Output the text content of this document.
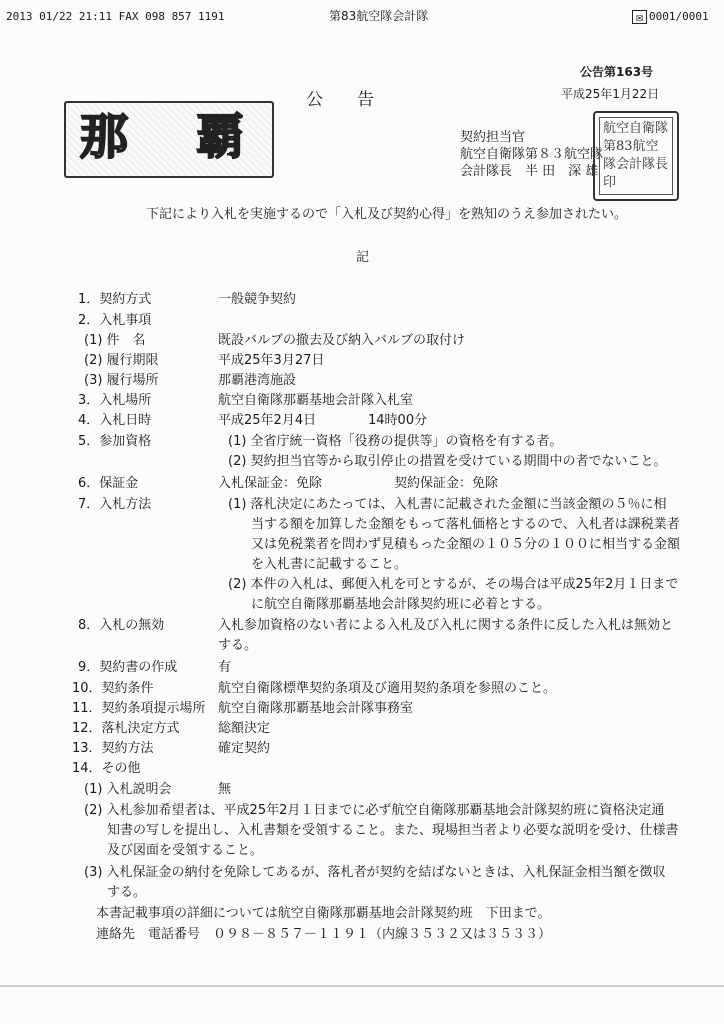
2013 01/22 21:11 FAX 098 857 1191	第83航空隊会計隊	✉ 0001/0001
公告第163号
公　　告	平成25年1月22日
那 覇	契約担当官
航空自衛隊第８３航空隊
会計隊長　半 田　深 雄
航空自衛隊第83航空隊会計隊長印
下記により入札を実施するので「入札及び契約心得」を熟知のうえ参加されたい。
記
1．契約方式	一般競争契約
2．入札事項
(1) 件　名	既設バルブの撤去及び納入バルブの取付け
(2) 履行期限	平成25年3月27日
(3) 履行場所	那覇港湾施設
3．入札場所	航空自衛隊那覇基地会計隊入札室
4．入札日時	平成25年2月4日	14時00分
5．参加資格	(1) 全省庁統一資格「役務の提供等」の資格を有する者。
(2) 契約担当官等から取引停止の措置を受けている期間中の者でないこと。
6．保証金	入札保証金：免除	契約保証金：免除
7．入札方法	(1) 落札決定にあたっては、入札書に記載された金額に当該金額の５％に相
当する額を加算した金額をもって落札価格とするので、入札者は課税業者
又は免税業者を問わず見積もった金額の１０５分の１００に相当する金額
を入札書に記載すること。
(2) 本件の入札は、郵便入札を可とするが、その場合は平成25年2月１日まで
に航空自衛隊那覇基地会計隊契約班に必着とする。
8．入札の無効	入札参加資格のない者による入札及び入札に関する条件に反した入札は無効と
する。
9．契約書の作成	有
10．契約条件	航空自衛隊標準契約条項及び適用契約条項を参照のこと。
11．契約条項提示場所 航空自衛隊那覇基地会計隊事務室
12．落札決定方式	総額決定
13．契約方法	確定契約
14．その他
(1) 入札説明会	無
(2) 入札参加希望者は、平成25年2月１日までに必ず航空自衛隊那覇基地会計隊契約班に資格決定通
知書の写しを提出し、入札書類を受領すること。また、現場担当者より必要な説明を受け、仕様書
及び図面を受領すること。
(3) 入札保証金の納付を免除してあるが、落札者が契約を結ばないときは、入札保証金相当額を徴収
する。
本書記載事項の詳細については航空自衛隊那覇基地会計隊契約班　下田まで。
連絡先　電話番号　０９８－８５７－１１９１（内線３５３２又は３５３３）
